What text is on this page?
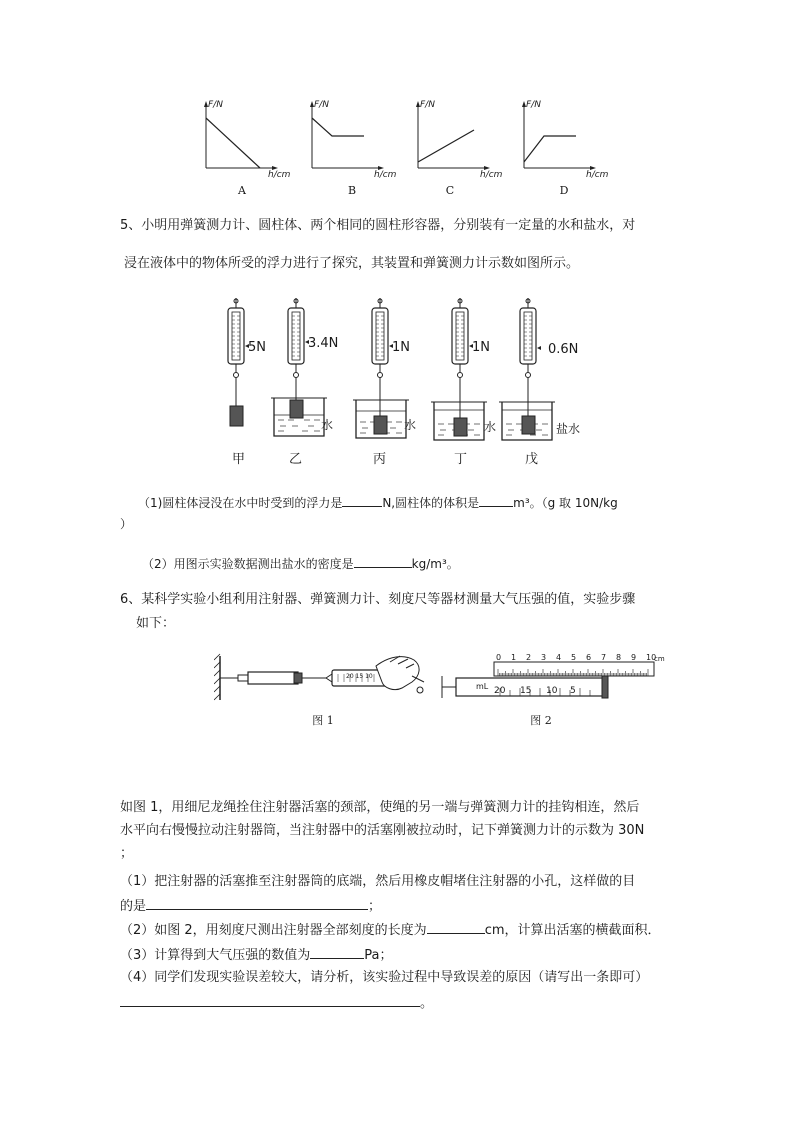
F/N
h/cm
A
F/N
h/cm
B
F/N
h/cm
C
F/N
h/cm
D
5、小明用弹簧测力计、圆柱体、两个相同的圆柱形容器，分别装有一定量的水和盐水，对
浸在液体中的物体所受的浮力进行了探究，其装置和弹簧测力计示数如图所示。
5N	3.4N	1N	1N	0.6N
水	水	水	盐水
甲	乙	丙	丁	戊
（1)圆柱体浸没在水中时受到的浮力是	N,圆柱体的体积是	m³。（g 取 10N/kg
）
（2）用图示实验数据测出盐水的密度是	kg/m³。
6、某科学实验小组利用注射器、弹簧测力计、刻度尺等器材测量大气压强的值，实验步骤
如下：
20 15 10
图 1
cm
0 1 2 3 4 5 6 7 8 9 10
mL 20 15 10 5
图 2
如图 1，用细尼龙绳拴住注射器活塞的颈部，使绳的另一端与弹簧测力计的挂钩相连，然后
水平向右慢慢拉动注射器筒，当注射器中的活塞刚被拉动时，记下弹簧测力计的示数为 30N
；
（1）把注射器的活塞推至注射器筒的底端，然后用橡皮帽堵住注射器的小孔，这样做的目
的是	；
（2）如图 2，用刻度尺测出注射器全部刻度的长度为	cm，计算出活塞的横截面积．
（3）计算得到大气压强的数值为	Pa；
（4）同学们发现实验误差较大，请分析，该实验过程中导致误差的原因（请写出一条即可）
。
